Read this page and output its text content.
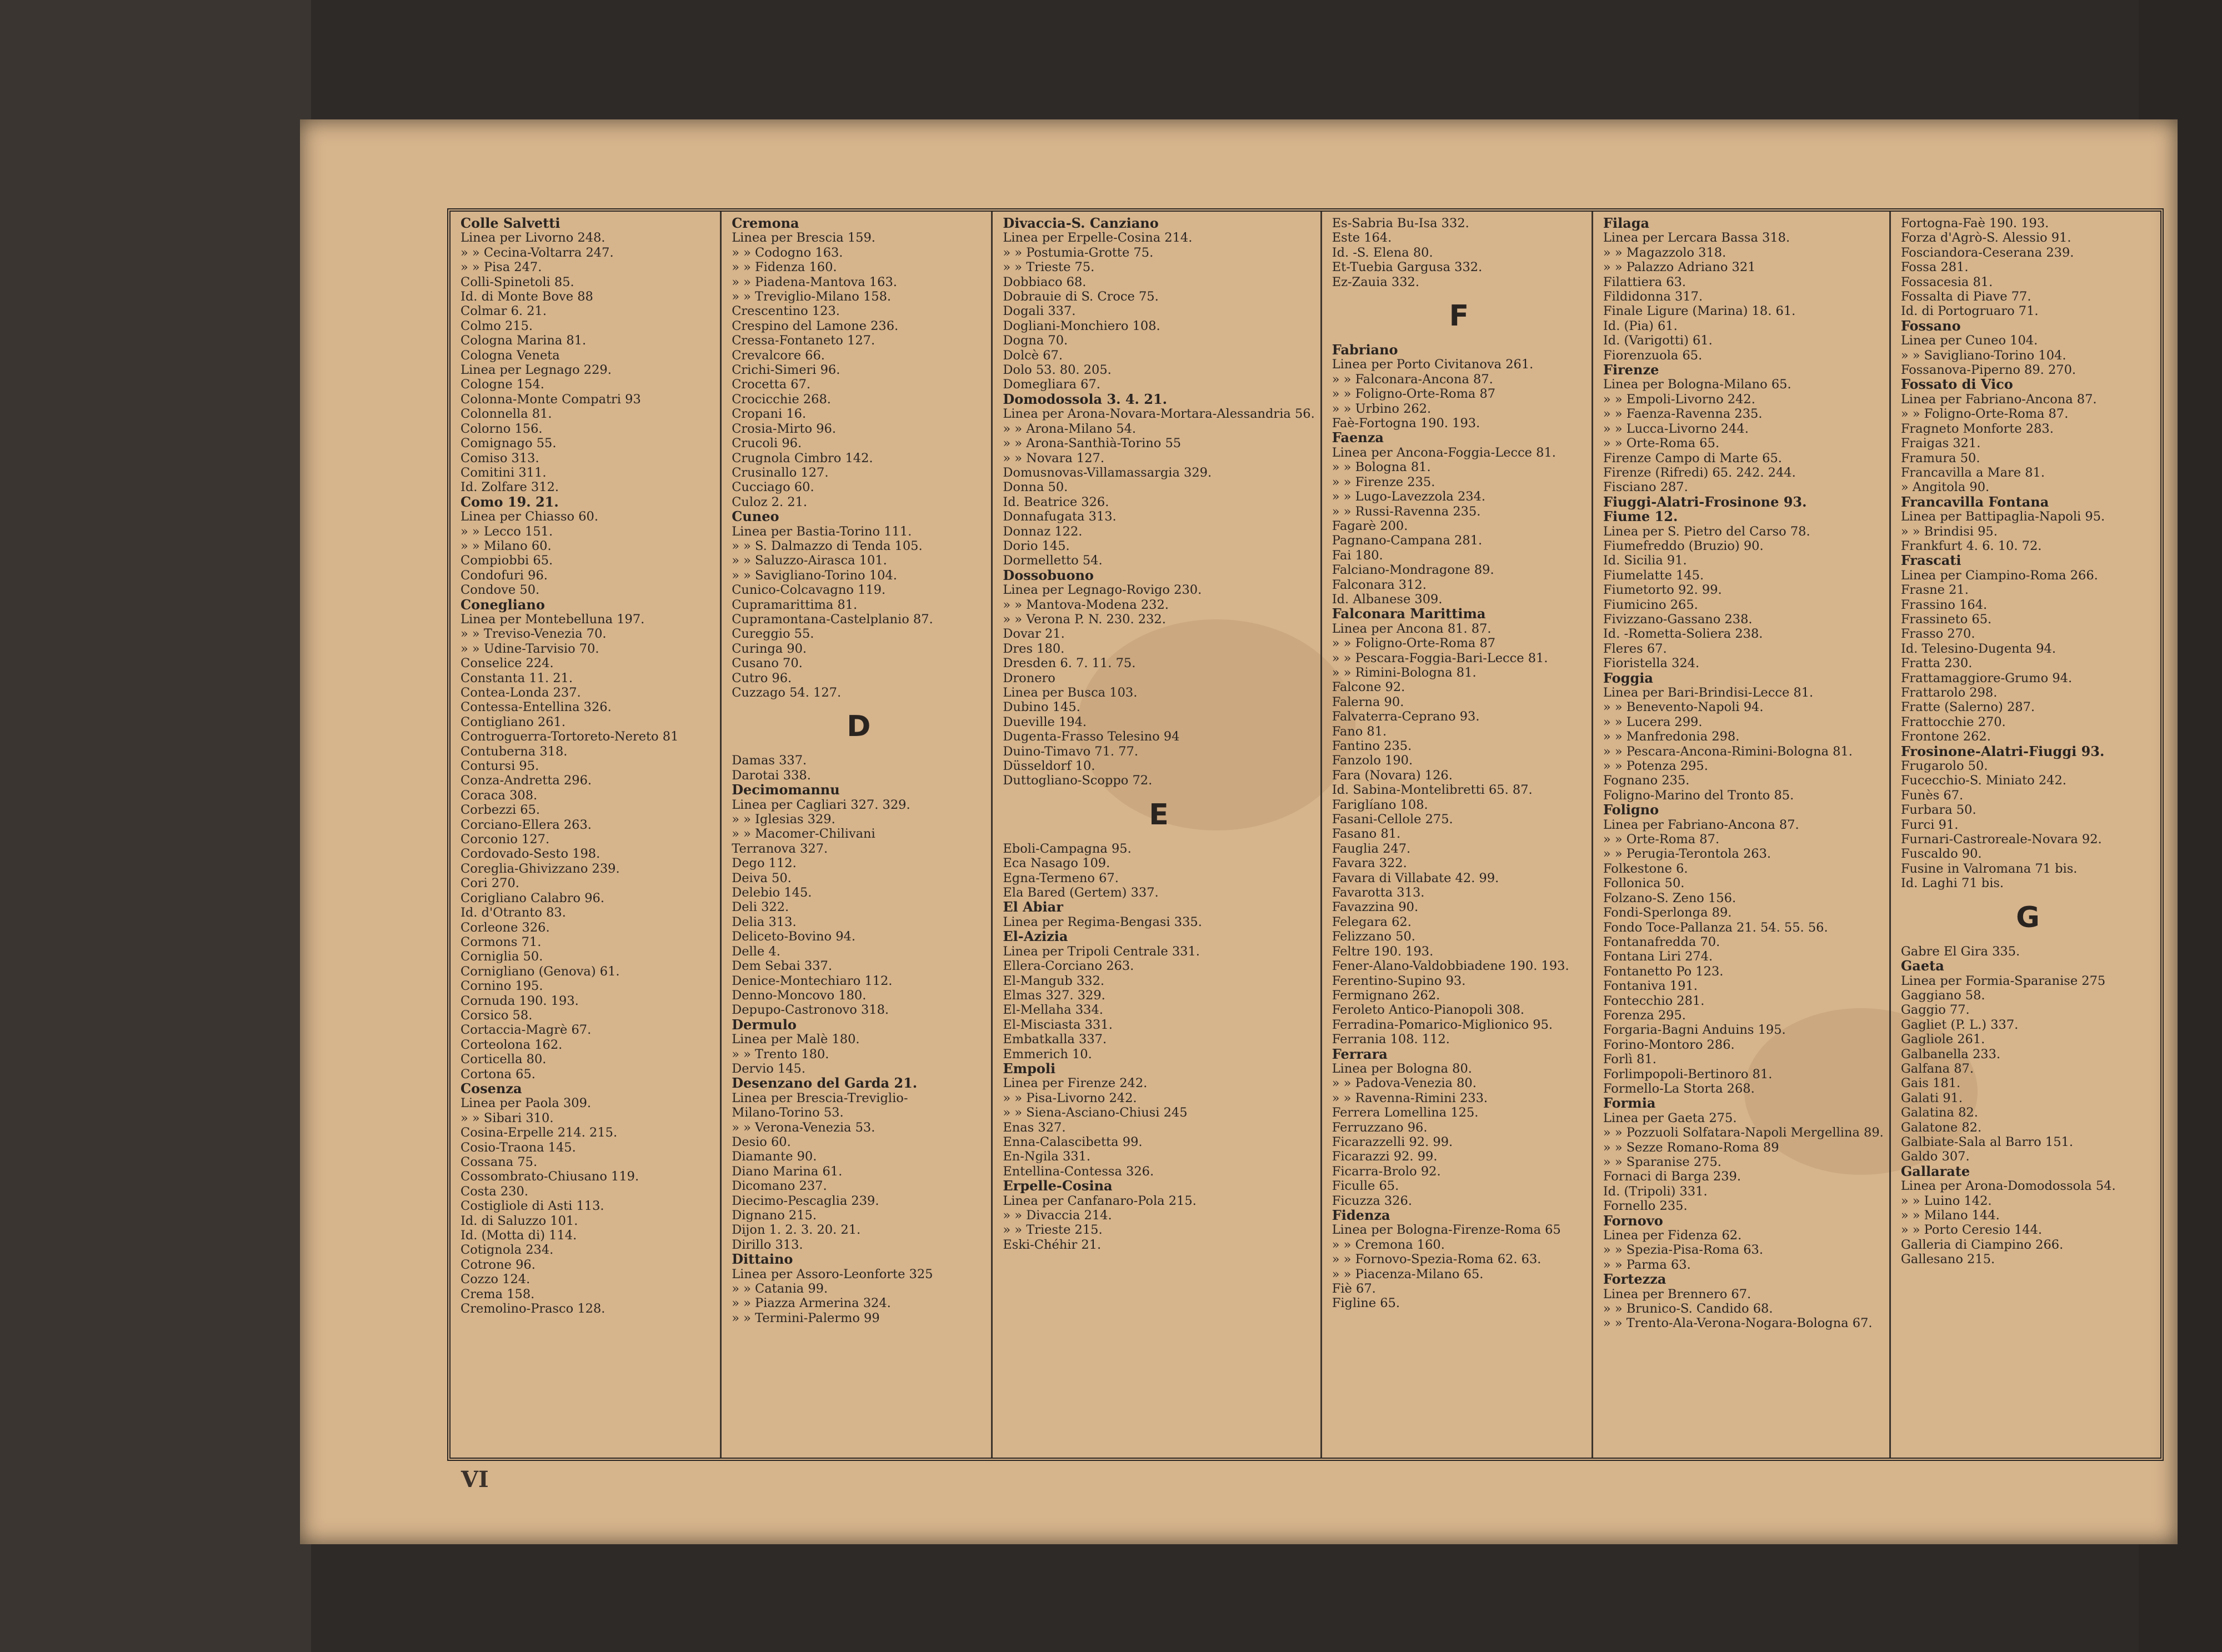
Colle Salvetti
Linea per Livorno 248.
» » Cecina-Voltarra 247.
» » Pisa 247.
Colli-Spinetoli 85.
Id. di Monte Bove 88
Colmar 6. 21.
Colmo 215.
Cologna Marina 81.
Cologna Veneta
Linea per Legnago 229.
Cologne 154.
Colonna-Monte Compatri 93
Colonnella 81.
Colorno 156.
Comignago 55.
Comiso 313.
Comitini 311.
Id. Zolfare 312.
Como 19. 21.
Linea per Chiasso 60.
» » Lecco 151.
» » Milano 60.
Compiobbi 65.
Condofuri 96.
Condove 50.
Conegliano
Linea per Montebelluna 197.
» » Treviso-Venezia 70.
» » Udine-Tarvisio 70.
Conselice 224.
Constanta 11. 21.
Contea-Londa 237.
Contessa-Entellina 326.
Contigliano 261.
Controguerra-Tortoreto-Nereto 81
Contuberna 318.
Contursi 95.
Conza-Andretta 296.
Coraca 308.
Corbezzi 65.
Corciano-Ellera 263.
Corconio 127.
Cordovado-Sesto 198.
Coreglia-Ghivizzano 239.
Cori 270.
Corigliano Calabro 96.
Id. d'Otranto 83.
Corleone 326.
Cormons 71.
Corniglia 50.
Cornigliano (Genova) 61.
Cornino 195.
Cornuda 190. 193.
Corsico 58.
Cortaccia-Magrè 67.
Corteolona 162.
Corticella 80.
Cortona 65.
Cosenza
Linea per Paola 309.
» » Sibari 310.
Cosina-Erpelle 214. 215.
Cosio-Traona 145.
Cossana 75.
Cossombrato-Chiusano 119.
Costa 230.
Costigliole di Asti 113.
Id. di Saluzzo 101.
Id. (Motta di) 114.
Cotignola 234.
Cotrone 96.
Cozzo 124.
Crema 158.
Cremolino-Prasco 128.
Cremona
Linea per Brescia 159.
» » Codogno 163.
» » Fidenza 160.
» » Piadena-Mantova 163.
» » Treviglio-Milano 158.
Crescentino 123.
Crespino del Lamone 236.
Cressa-Fontaneto 127.
Crevalcore 66.
Crichi-Simeri 96.
Crocetta 67.
Crocicchie 268.
Cropani 16.
Crosia-Mirto 96.
Crucoli 96.
Crugnola Cimbro 142.
Crusinallo 127.
Cucciago 60.
Culoz 2. 21.
Cuneo
Linea per Bastia-Torino 111.
» » S. Dalmazzo di Tenda 105.
» » Saluzzo-Airasca 101.
» » Savigliano-Torino 104.
Cunico-Colcavagno 119.
Cupramarittima 81.
Cupramontana-Castelplanio 87.
Cureggio 55.
Curinga 90.
Cusano 70.
Cutro 96.
Cuzzago 54. 127.
D
Damas 337.
Darotai 338.
Decimomannu
Linea per Cagliari 327. 329.
» » Iglesias 329.
» » Macomer-Chilivani
Terranova 327.
Dego 112.
Deiva 50.
Delebio 145.
Deli 322.
Delia 313.
Deliceto-Bovino 94.
Delle 4.
Dem Sebai 337.
Denice-Montechiaro 112.
Denno-Moncovo 180.
Depupo-Castronovo 318.
Dermulo
Linea per Malè 180.
» » Trento 180.
Dervio 145.
Desenzano del Garda 21.
Linea per Brescia-Treviglio-
Milano-Torino 53.
» » Verona-Venezia 53.
Desio 60.
Diamante 90.
Diano Marina 61.
Dicomano 237.
Diecimo-Pescaglia 239.
Dignano 215.
Dijon 1. 2. 3. 20. 21.
Dirillo 313.
Dittaino
Linea per Assoro-Leonforte 325
» » Catania 99.
» » Piazza Armerina 324.
» » Termini-Palermo 99
Divaccia-S. Canziano
Linea per Erpelle-Cosina 214.
» » Postumia-Grotte 75.
» » Trieste 75.
Dobbiaco 68.
Dobrauie di S. Croce 75.
Dogali 337.
Dogliani-Monchiero 108.
Dogna 70.
Dolcè 67.
Dolo 53. 80. 205.
Domegliara 67.
Domodossola 3. 4. 21.
Linea per Arona-Novara-Mortara-Alessandria 56.
» » Arona-Milano 54.
» » Arona-Santhià-Torino 55
» » Novara 127.
Domusnovas-Villamassargia 329.
Donna 50.
Id. Beatrice 326.
Donnafugata 313.
Donnaz 122.
Dorio 145.
Dormelletto 54.
Dossobuono
Linea per Legnago-Rovigo 230.
» » Mantova-Modena 232.
» » Verona P. N. 230. 232.
Dovar 21.
Dres 180.
Dresden 6. 7. 11. 75.
Dronero
Linea per Busca 103.
Dubino 145.
Dueville 194.
Dugenta-Frasso Telesino 94
Duino-Timavo 71. 77.
Düsseldorf 10.
Duttogliano-Scoppo 72.
E
Eboli-Campagna 95.
Eca Nasago 109.
Egna-Termeno 67.
Ela Bared (Gertem) 337.
El Abiar
Linea per Regima-Bengasi 335.
El-Azizia
Linea per Tripoli Centrale 331.
Ellera-Corciano 263.
El-Mangub 332.
Elmas 327. 329.
El-Mellaha 334.
El-Misciasta 331.
Embatkalla 337.
Emmerich 10.
Empoli
Linea per Firenze 242.
» » Pisa-Livorno 242.
» » Siena-Asciano-Chiusi 245
Enas 327.
Enna-Calascibetta 99.
En-Ngila 331.
Entellina-Contessa 326.
Erpelle-Cosina
Linea per Canfanaro-Pola 215.
» » Divaccia 214.
» » Trieste 215.
Eski-Chéhir 21.
Es-Sabria Bu-Isa 332.
Este 164.
Id. -S. Elena 80.
Et-Tuebia Gargusa 332.
Ez-Zauia 332.
F
Fabriano
Linea per Porto Civitanova 261.
» » Falconara-Ancona 87.
» » Foligno-Orte-Roma 87
» » Urbino 262.
Faè-Fortogna 190. 193.
Faenza
Linea per Ancona-Foggia-Lecce 81.
» » Bologna 81.
» » Firenze 235.
» » Lugo-Lavezzola 234.
» » Russi-Ravenna 235.
Fagarè 200.
Pagnano-Campana 281.
Fai 180.
Falciano-Mondragone 89.
Falconara 312.
Id. Albanese 309.
Falconara Marittima
Linea per Ancona 81. 87.
» » Foligno-Orte-Roma 87
» » Pescara-Foggia-Bari-Lecce 81.
» » Rimini-Bologna 81.
Falcone 92.
Falerna 90.
Falvaterra-Ceprano 93.
Fano 81.
Fantino 235.
Fanzolo 190.
Fara (Novara) 126.
Id. Sabina-Montelibretti 65. 87.
Fariglíano 108.
Fasani-Cellole 275.
Fasano 81.
Fauglia 247.
Favara 322.
Favara di Villabate 42. 99.
Favarotta 313.
Favazzina 90.
Felegara 62.
Felizzano 50.
Feltre 190. 193.
Fener-Alano-Valdobbiadene 190. 193.
Ferentino-Supino 93.
Fermignano 262.
Feroleto Antico-Pianopoli 308.
Ferradina-Pomarico-Miglionico 95.
Ferrania 108. 112.
Ferrara
Linea per Bologna 80.
» » Padova-Venezia 80.
» » Ravenna-Rimini 233.
Ferrera Lomellina 125.
Ferruzzano 96.
Ficarazzelli 92. 99.
Ficarazzi 92. 99.
Ficarra-Brolo 92.
Ficulle 65.
Ficuzza 326.
Fidenza
Linea per Bologna-Firenze-Roma 65
» » Cremona 160.
» » Fornovo-Spezia-Roma 62. 63.
» » Piacenza-Milano 65.
Fiè 67.
Figline 65.
Filaga
Linea per Lercara Bassa 318.
» » Magazzolo 318.
» » Palazzo Adriano 321
Filattiera 63.
Fildidonna 317.
Finale Ligure (Marina) 18. 61.
Id. (Pia) 61.
Id. (Varigotti) 61.
Fiorenzuola 65.
Firenze
Linea per Bologna-Milano 65.
» » Empoli-Livorno 242.
» » Faenza-Ravenna 235.
» » Lucca-Livorno 244.
» » Orte-Roma 65.
Firenze Campo di Marte 65.
Firenze (Rifredi) 65. 242. 244.
Fisciano 287.
Fiuggi-Alatri-Frosinone 93.
Fiume 12.
Linea per S. Pietro del Carso 78.
Fiumefreddo (Bruzio) 90.
Id. Sicilia 91.
Fiumelatte 145.
Fiumetorto 92. 99.
Fiumicino 265.
Fivizzano-Gassano 238.
Id. -Rometta-Soliera 238.
Fleres 67.
Fioristella 324.
Foggia
Linea per Bari-Brindisi-Lecce 81.
» » Benevento-Napoli 94.
» » Lucera 299.
» » Manfredonia 298.
» » Pescara-Ancona-Rimini-Bologna 81.
» » Potenza 295.
Fognano 235.
Foligno-Marino del Tronto 85.
Foligno
Linea per Fabriano-Ancona 87.
» » Orte-Roma 87.
» » Perugia-Terontola 263.
Folkestone 6.
Follonica 50.
Folzano-S. Zeno 156.
Fondi-Sperlonga 89.
Fondo Toce-Pallanza 21. 54. 55. 56.
Fontanafredda 70.
Fontana Liri 274.
Fontanetto Po 123.
Fontaniva 191.
Fontecchio 281.
Forenza 295.
Forgaria-Bagni Anduins 195.
Forino-Montoro 286.
Forlì 81.
Forlimpopoli-Bertinoro 81.
Formello-La Storta 268.
Formia
Linea per Gaeta 275.
» » Pozzuoli Solfatara-Napoli Mergellina 89.
» » Sezze Romano-Roma 89
» » Sparanise 275.
Fornaci di Barga 239.
Id. (Tripoli) 331.
Fornello 235.
Fornovo
Linea per Fidenza 62.
» » Spezia-Pisa-Roma 63.
» » Parma 63.
Fortezza
Linea per Brennero 67.
» » Brunico-S. Candido 68.
» » Trento-Ala-Verona-Nogara-Bologna 67.
Fortogna-Faè 190. 193.
Forza d'Agrò-S. Alessio 91.
Fosciandora-Ceserana 239.
Fossa 281.
Fossacesia 81.
Fossalta di Piave 77.
Id. di Portogruaro 71.
Fossano
Linea per Cuneo 104.
» » Savigliano-Torino 104.
Fossanova-Piperno 89. 270.
Fossato di Vico
Linea per Fabriano-Ancona 87.
» » Foligno-Orte-Roma 87.
Fragneto Monforte 283.
Fraigas 321.
Framura 50.
Francavilla a Mare 81.
» Angitola 90.
Francavilla Fontana
Linea per Battipaglia-Napoli 95.
» » Brindisi 95.
Frankfurt 4. 6. 10. 72.
Frascati
Linea per Ciampino-Roma 266.
Frasne 21.
Frassino 164.
Frassineto 65.
Frasso 270.
Id. Telesino-Dugenta 94.
Fratta 230.
Frattamaggiore-Grumo 94.
Frattarolo 298.
Fratte (Salerno) 287.
Frattocchie 270.
Frontone 262.
Frosinone-Alatri-Fiuggi 93.
Frugarolo 50.
Fucecchio-S. Miniato 242.
Funès 67.
Furbara 50.
Furci 91.
Furnari-Castroreale-Novara 92.
Fuscaldo 90.
Fusine in Valromana 71 bis.
Id. Laghi 71 bis.
G
Gabre El Gira 335.
Gaeta
Linea per Formia-Sparanise 275
Gaggiano 58.
Gaggio 77.
Gagliet (P. L.) 337.
Gagliole 261.
Galbanella 233.
Galfana 87.
Gais 181.
Galati 91.
Galatina 82.
Galatone 82.
Galbiate-Sala al Barro 151.
Galdo 307.
Gallarate
Linea per Arona-Domodossola 54.
» » Luino 142.
» » Milano 144.
» » Porto Ceresio 144.
Galleria di Ciampino 266.
Gallesano 215.
VI
